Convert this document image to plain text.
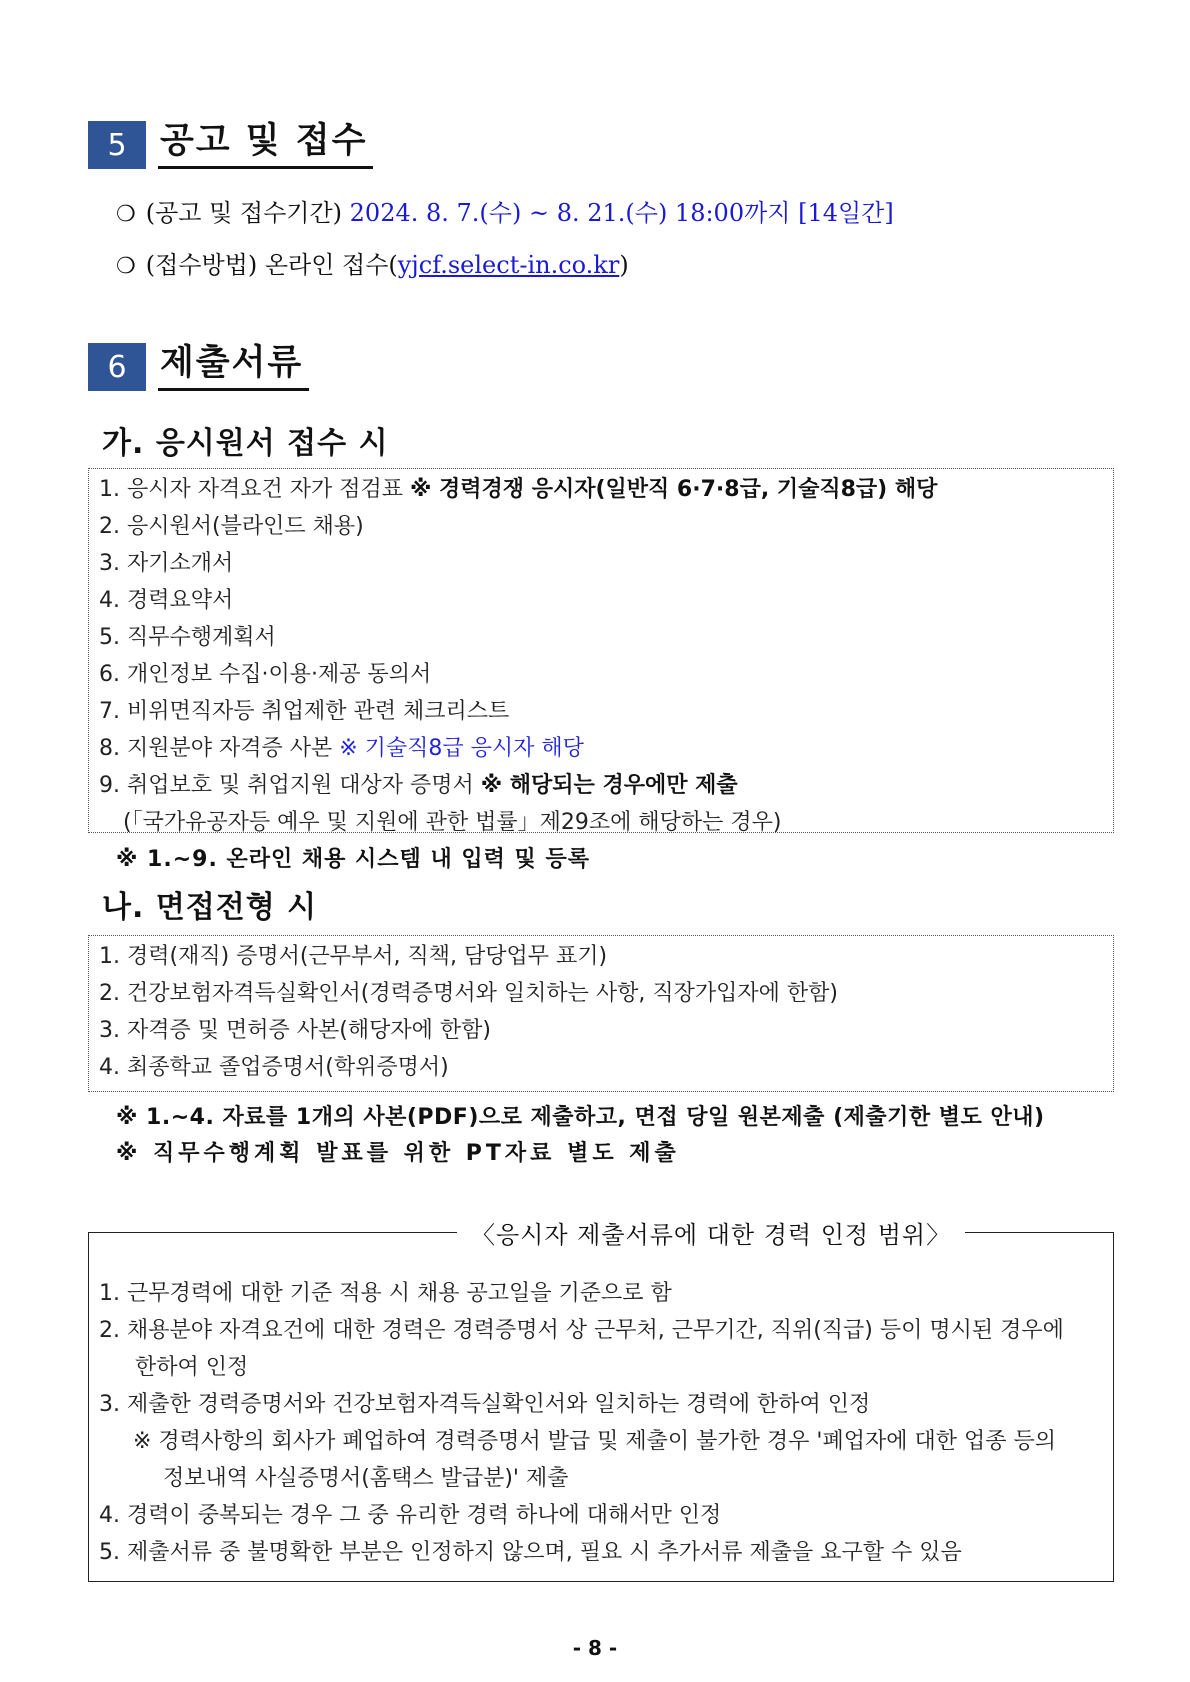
5 공고 및 접수
❍ (공고 및 접수기간) 2024. 8. 7.(수) ~ 8. 21.(수) 18:00까지 [14일간]
❍ (접수방법) 온라인 접수(yjcf.select-in.co.kr)
6 제출서류
가. 응시원서 접수 시
1. 응시자 자격요건 자가 점검표 ※ 경력경쟁 응시자(일반직 6·7·8급, 기술직8급) 해당
2. 응시원서(블라인드 채용)
3. 자기소개서
4. 경력요약서
5. 직무수행계획서
6. 개인정보 수집·이용·제공 동의서
7. 비위면직자등 취업제한 관련 체크리스트
8. 지원분야 자격증 사본 ※ 기술직8급 응시자 해당
9. 취업보호 및 취업지원 대상자 증명서 ※ 해당되는 경우에만 제출
(「국가유공자등 예우 및 지원에 관한 법률」제29조에 해당하는 경우)
※ 1.~9. 온라인 채용 시스템 내 입력 및 등록
나. 면접전형 시
1. 경력(재직) 증명서(근무부서, 직책, 담당업무 표기)
2. 건강보험자격득실확인서(경력증명서와 일치하는 사항, 직장가입자에 한함)
3. 자격증 및 면허증 사본(해당자에 한함)
4. 최종학교 졸업증명서(학위증명서)
※ 1.~4. 자료를 1개의 사본(PDF)으로 제출하고, 면접 당일 원본제출 (제출기한 별도 안내)
※ 직무수행계획 발표를 위한 PT자료 별도 제출
〈응시자 제출서류에 대한 경력 인정 범위〉
1. 근무경력에 대한 기준 적용 시 채용 공고일을 기준으로 함
2. 채용분야 자격요건에 대한 경력은 경력증명서 상 근무처, 근무기간, 직위(직급) 등이 명시된 경우에
한하여 인정
3. 제출한 경력증명서와 건강보험자격득실확인서와 일치하는 경력에 한하여 인정
※ 경력사항의 회사가 폐업하여 경력증명서 발급 및 제출이 불가한 경우 '폐업자에 대한 업종 등의
정보내역 사실증명서(홈택스 발급분)' 제출
4. 경력이 중복되는 경우 그 중 유리한 경력 하나에 대해서만 인정
5. 제출서류 중 불명확한 부분은 인정하지 않으며, 필요 시 추가서류 제출을 요구할 수 있음
- 8 -
